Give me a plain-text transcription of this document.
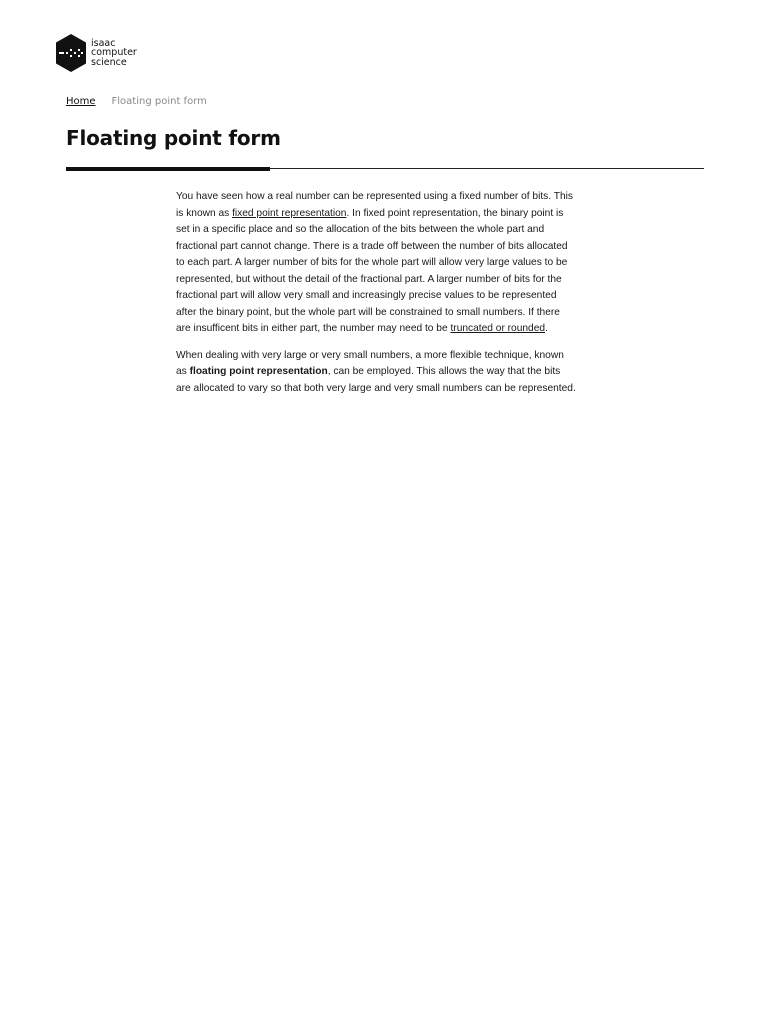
isaac
computer
science
Home Floating point form
Floating point form

You have seen how a real number can be represented using a fixed number of bits. This is known as fixed point representation. In fixed point representation, the binary point is set in a specific place and so the allocation of the bits between the whole part and fractional part cannot change. There is a trade off between the number of bits allocated to each part. A larger number of bits for the whole part will allow very large values to be represented, but without the detail of the fractional part. A larger number of bits for the fractional part will allow very small and increasingly precise values to be represented after the binary point, but the whole part will be constrained to small numbers. If there are insufficent bits in either part, the number may need to be truncated or rounded.

When dealing with very large or very small numbers, a more flexible technique, known as floating point representation, can be employed. This allows the way that the bits are allocated to vary so that both very large and very small numbers can be represented.
